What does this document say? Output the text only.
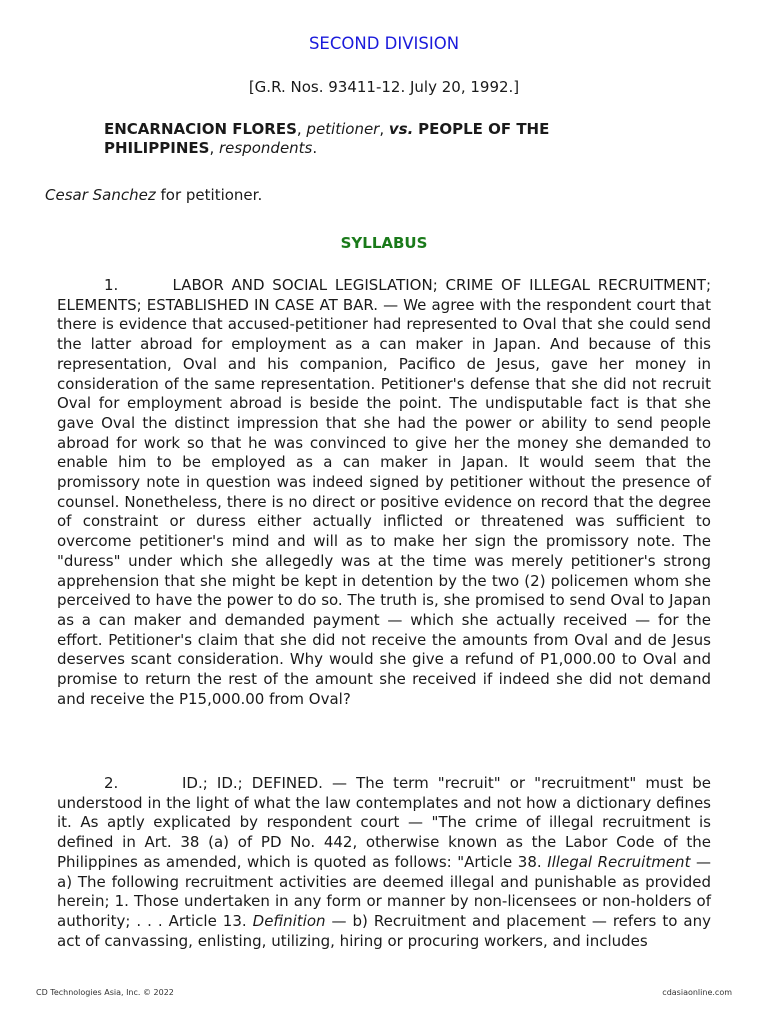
SECOND DIVISION
[G.R. Nos. 93411-12. July 20, 1992.]
ENCARNACION FLORES, petitioner, vs. PEOPLE OF THE PHILIPPINES, respondents.
Cesar Sanchez for petitioner.
SYLLABUS

1.       LABOR AND SOCIAL LEGISLATION; CRIME OF ILLEGAL RECRUITMENT; ELEMENTS; ESTABLISHED IN CASE AT BAR. — We agree with the respondent court that there is evidence that accused-petitioner had represented to Oval that she could send the latter abroad for employment as a can maker in Japan. And because of this representation, Oval and his companion, Pacifico de Jesus, gave her money in consideration of the same representation. Petitioner's defense that she did not recruit Oval for employment abroad is beside the point. The undisputable fact is that she gave Oval the distinct impression that she had the power or ability to send people abroad for work so that he was convinced to give her the money she demanded to enable him to be employed as a can maker in Japan. It would seem that the promissory note in question was indeed signed by petitioner without the presence of counsel. Nonetheless, there is no direct or positive evidence on record that the degree of constraint or duress either actually inflicted or threatened was sufficient to overcome petitioner's mind and will as to make her sign the promissory note. The "duress" under which she allegedly was at the time was merely petitioner's strong apprehension that she might be kept in detention by the two (2) policemen whom she perceived to have the power to do so. The truth is, she promised to send Oval to Japan as a can maker and demanded payment — which she actually received — for the effort. Petitioner's claim that she did not receive the amounts from Oval and de Jesus deserves scant consideration. Why would she give a refund of P1,000.00 to Oval and promise to return the rest of the amount she received if indeed she did not demand and receive the P15,000.00 from Oval?

2.       ID.; ID.; DEFINED. — The term "recruit" or "recruitment" must be understood in the light of what the law contemplates and not how a dictionary defines it. As aptly explicated by respondent court — "The crime of illegal recruitment is defined in Art. 38 (a) of PD No. 442, otherwise known as the Labor Code of the Philippines as amended, which is quoted as follows: "Article 38. Illegal Recruitment — a) The following recruitment activities are deemed illegal and punishable as provided herein; 1. Those undertaken in any form or manner by non-licensees or non-holders of authority; . . . Article 13. Definition — b) Recruitment and placement — refers to any act of canvassing, enlisting, utilizing, hiring or procuring workers, and includes

CD Technologies Asia, Inc. © 2022	cdasiaonline.com
